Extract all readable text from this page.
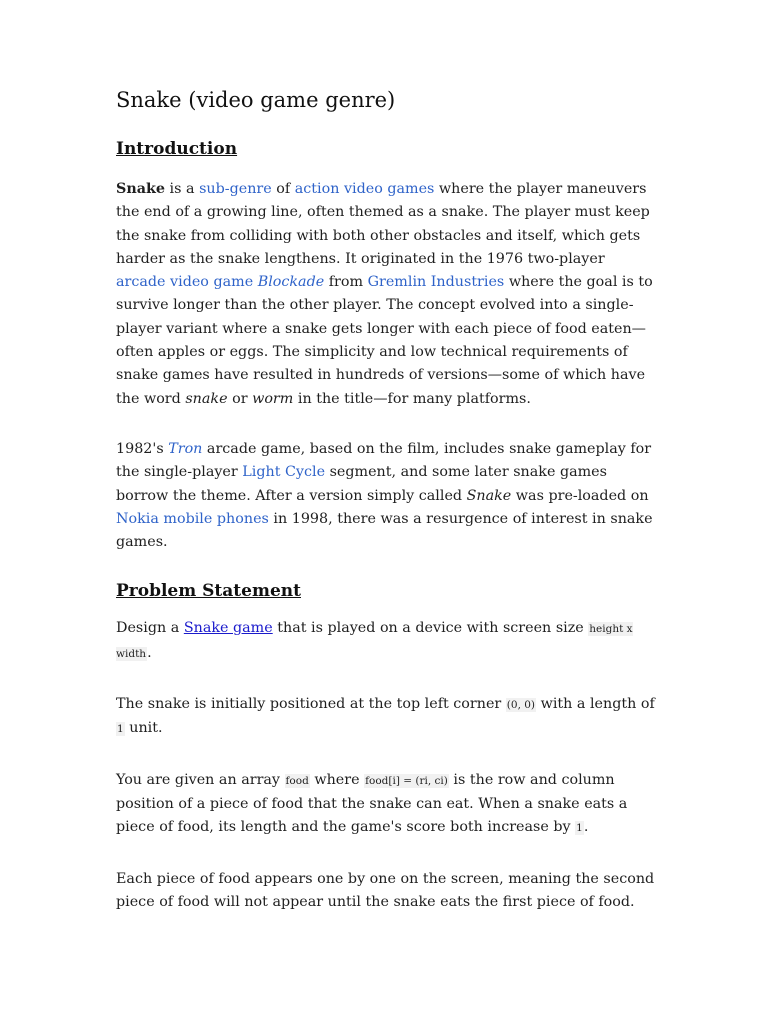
Snake (video game genre)
Introduction

Snake is a sub-genre of action video games where the player maneuvers the end of a growing line, often themed as a snake. The player must keep the snake from colliding with both other obstacles and itself, which gets harder as the snake lengthens. It originated in the 1976 two-player arcade video game Blockade from Gremlin Industries where the goal is to survive longer than the other player. The concept evolved into a single-player variant where a snake gets longer with each piece of food eaten—often apples or eggs. The simplicity and low technical requirements of snake games have resulted in hundreds of versions—some of which have the word snake or worm in the title—for many platforms.

1982's Tron arcade game, based on the film, includes snake gameplay for the single-player Light Cycle segment, and some later snake games borrow the theme. After a version simply called Snake was pre-loaded on Nokia mobile phones in 1998, there was a resurgence of interest in snake games.

Problem Statement

Design a Snake game that is played on a device with screen size height x width.

The snake is initially positioned at the top left corner (0, 0) with a length of 1 unit.

You are given an array food where food[i] = (ri, ci) is the row and column position of a piece of food that the snake can eat. When a snake eats a piece of food, its length and the game's score both increase by 1.

Each piece of food appears one by one on the screen, meaning the second piece of food will not appear until the snake eats the first piece of food.
